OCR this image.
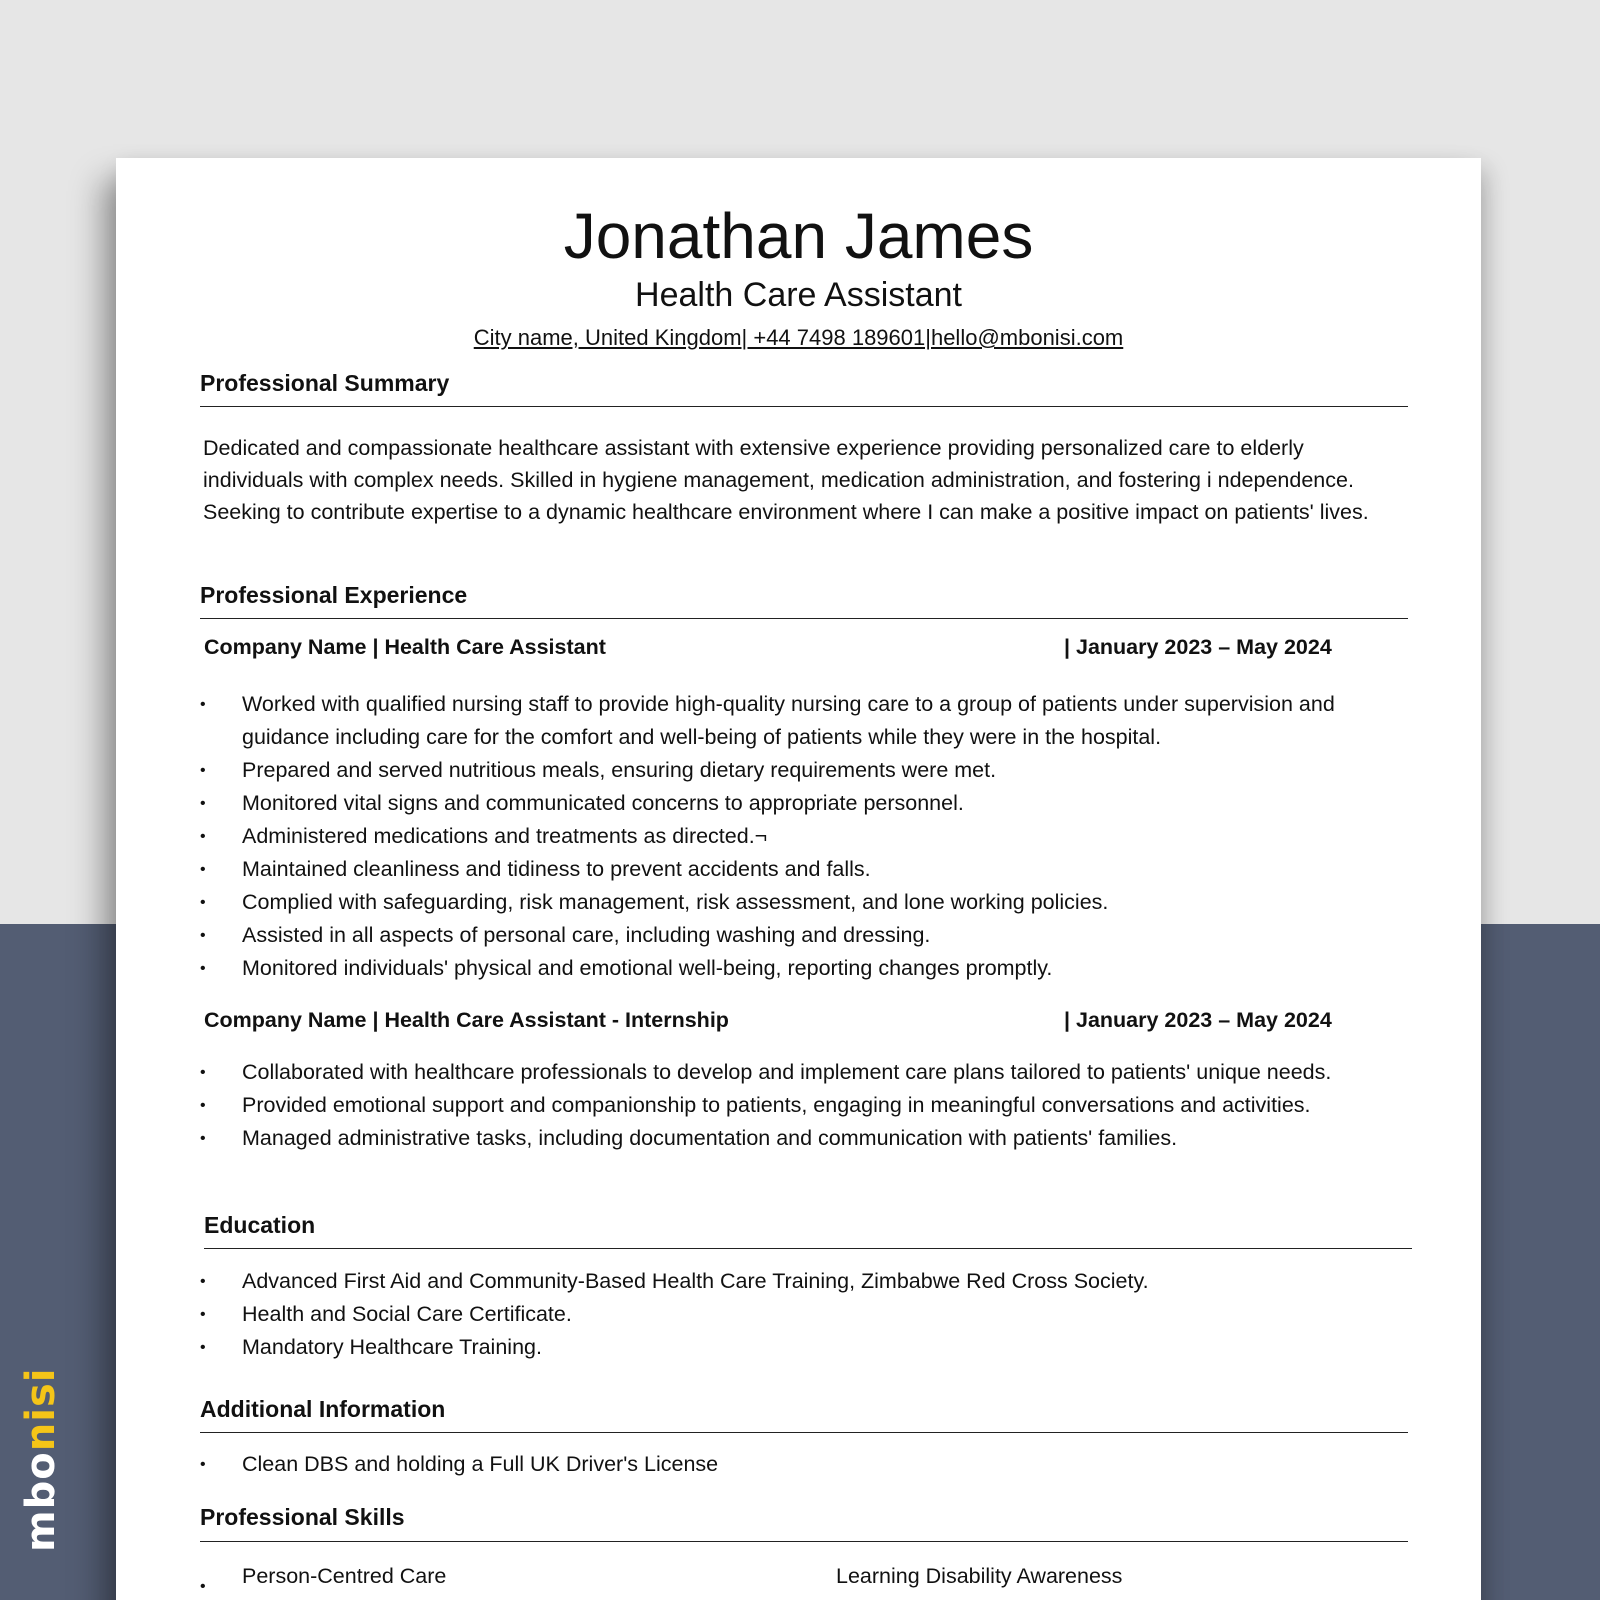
mbonisi
Jonathan James
Health Care Assistant
City name, United Kingdom| +44 7498 189601|hello@mbonisi.com
Professional Summary
Dedicated and compassionate healthcare assistant with extensive experience providing personalized care to elderly individuals with complex needs. Skilled in hygiene management, medication administration, and fostering i ndependence. Seeking to contribute expertise to a dynamic healthcare environment where I can make a positive impact on patients' lives.
Professional Experience
Company Name | Health Care Assistant	| January 2023 – May 2024
• Worked with qualified nursing staff to provide high-quality nursing care to a group of patients under supervision and guidance including care for the comfort and well-being of patients while they were in the hospital.
• Prepared and served nutritious meals, ensuring dietary requirements were met.
• Monitored vital signs and communicated concerns to appropriate personnel.
• Administered medications and treatments as directed.¬
• Maintained cleanliness and tidiness to prevent accidents and falls.
• Complied with safeguarding, risk management, risk assessment, and lone working policies.
• Assisted in all aspects of personal care, including washing and dressing.
• Monitored individuals' physical and emotional well-being, reporting changes promptly.
Company Name | Health Care Assistant - Internship	| January 2023 – May 2024
• Collaborated with healthcare professionals to develop and implement care plans tailored to patients' unique needs.
• Provided emotional support and companionship to patients, engaging in meaningful conversations and activities.
• Managed administrative tasks, including documentation and communication with patients' families.
Education
• Advanced First Aid and Community-Based Health Care Training, Zimbabwe Red Cross Society.
• Health and Social Care Certificate.
• Mandatory Healthcare Training.
Additional Information
• Clean DBS and holding a Full UK Driver's License
Professional Skills
• Person-Centred Care	Learning Disability Awareness
